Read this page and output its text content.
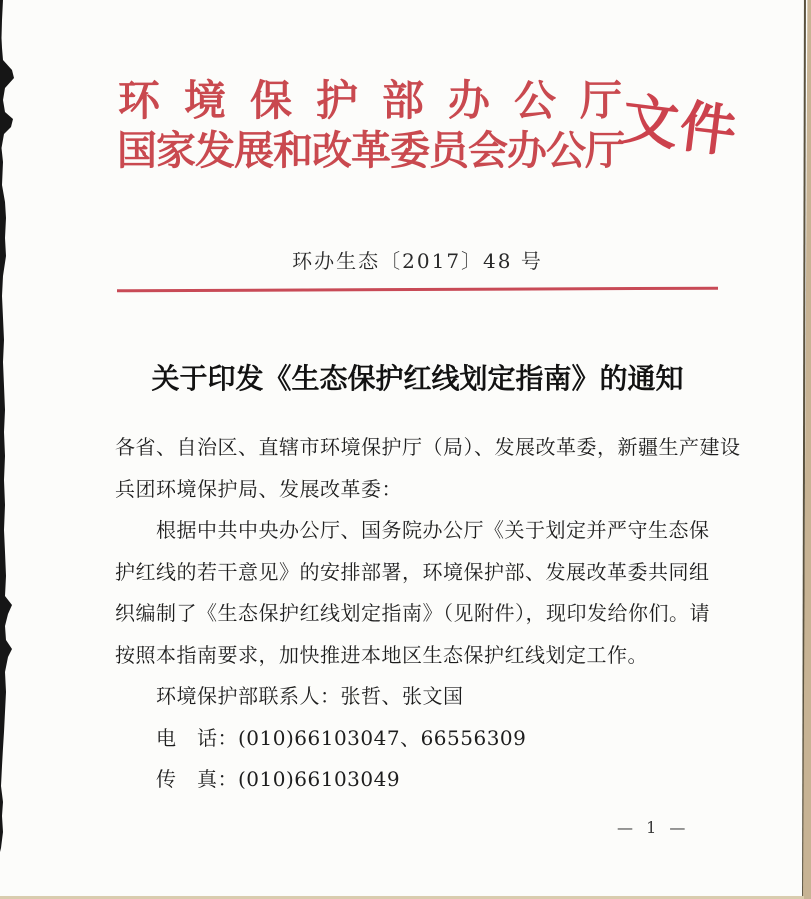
环境保护部办公厅
国家发展和改革委员会办公厅
文件
环办生态〔2017〕48 号
关于印发《生态保护红线划定指南》的通知
各省、自治区、直辖市环境保护厅（局）、发展改革委，新疆生产建设
兵团环境保护局、发展改革委：
　　根据中共中央办公厅、国务院办公厅《关于划定并严守生态保
护红线的若干意见》的安排部署，环境保护部、发展改革委共同组
织编制了《生态保护红线划定指南》（见附件），现印发给你们。请
按照本指南要求，加快推进本地区生态保护红线划定工作。
　　环境保护部联系人：张哲、张文国
　　电　话：(010)66103047、66556309
　　传　真：(010)66103049
— 1 —
